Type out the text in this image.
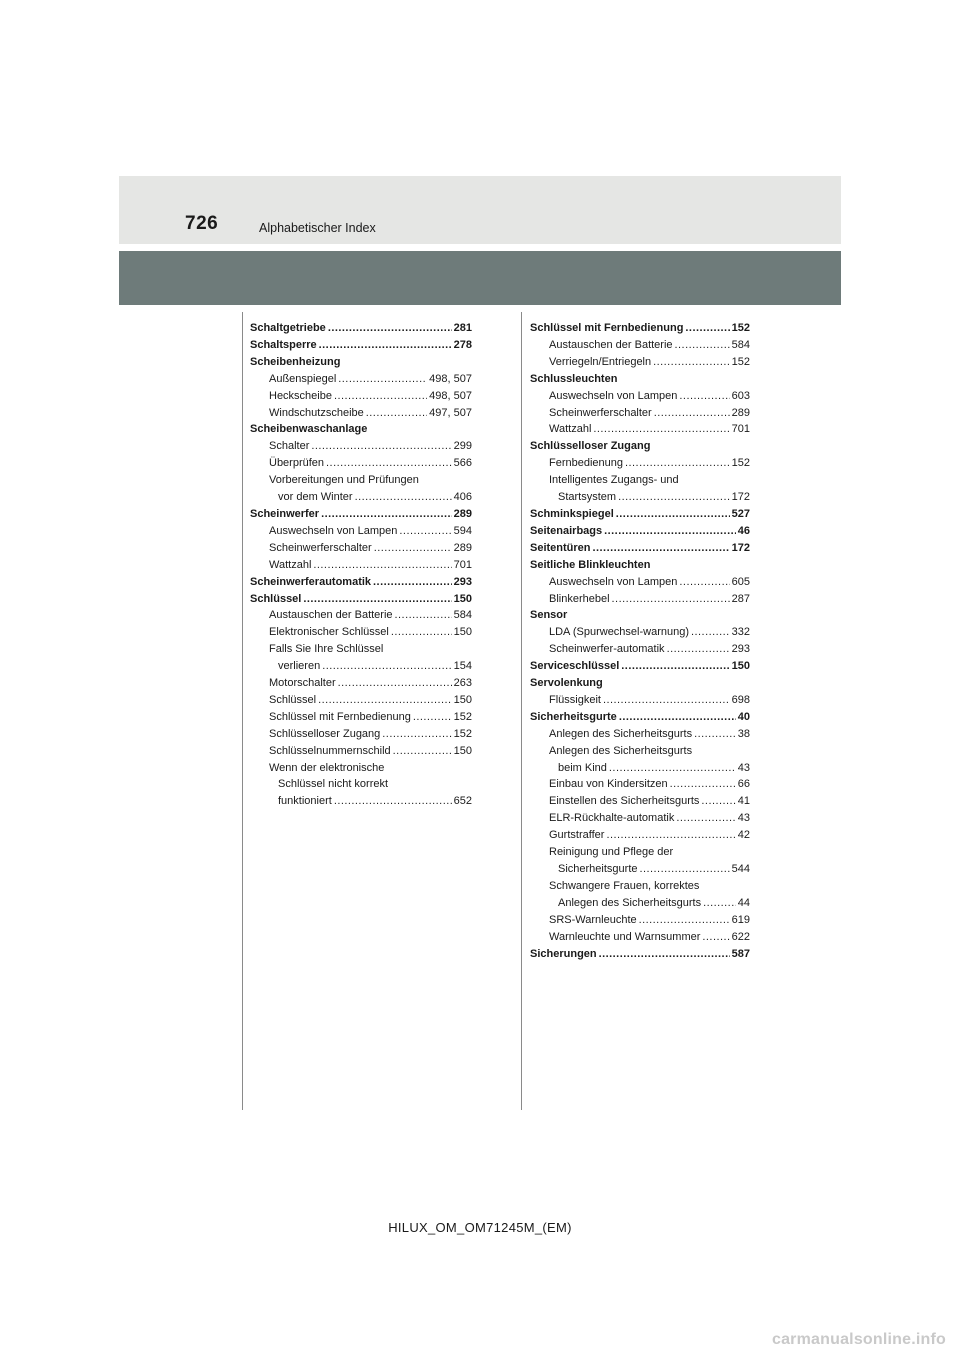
726	Alphabetischer Index
Schaltgetriebe . . .	281
Schaltsperre . . .	278
Scheibenheizung
Außenspiegel . . .	498, 507
Heckscheibe . . .	498, 507
Windschutzscheibe . . .	497, 507
Scheibenwaschanlage
Schalter . . .	299
Überprüfen . . .	566
Vorbereitungen und Prüfungen
vor dem Winter . . .	406
Scheinwerfer . . .	289
Auswechseln von Lampen . . .	594
Scheinwerferschalter . . .	289
Wattzahl . . .	701
Scheinwerferautomatik . . .	293
Schlüssel . . .	150
Austauschen der Batterie . . .	584
Elektronischer Schlüssel . . .	150
Falls Sie Ihre Schlüssel
verlieren . . .	154
Motorschalter . . .	263
Schlüssel . . .	150
Schlüssel mit Fernbedienung . . .	152
Schlüsselloser Zugang . . .	152
Schlüsselnummernschild . . .	150
Wenn der elektronische
Schlüssel nicht korrekt
funktioniert . . .	652
Schlüssel mit Fernbedienung . . .	152
Austauschen der Batterie . . .	584
Verriegeln/Entriegeln . . .	152
Schlussleuchten
Auswechseln von Lampen . . .	603
Scheinwerferschalter . . .	289
Wattzahl . . .	701
Schlüsselloser Zugang
Fernbedienung . . .	152
Intelligentes Zugangs- und
Startsystem . . .	172
Schminkspiegel . . .	527
Seitenairbags . . .	46
Seitentüren . . .	172
Seitliche Blinkleuchten
Auswechseln von Lampen . . .	605
Blinkerhebel . . .	287
Sensor
LDA (Spurwechsel-warnung) . . .	332
Scheinwerfer-automatik . . .	293
Serviceschlüssel . . .	150
Servolenkung
Flüssigkeit . . .	698
Sicherheitsgurte . . .	40
Anlegen des Sicherheitsgurts . . .	38
Anlegen des Sicherheitsgurts
beim Kind . . .	43
Einbau von Kindersitzen . . .	66
Einstellen des Sicherheitsgurts . . .	41
ELR-Rückhalte-automatik . . .	43
Gurtstraffer . . .	42
Reinigung und Pflege der
Sicherheitsgurte . . .	544
Schwangere Frauen, korrektes
Anlegen des Sicherheitsgurts . . .	44
SRS-Warnleuchte . . .	619
Warnleuchte und Warnsummer . . .	622
Sicherungen . . .	587
HILUX_OM_OM71245M_(EM)
carmanualsonline.info
